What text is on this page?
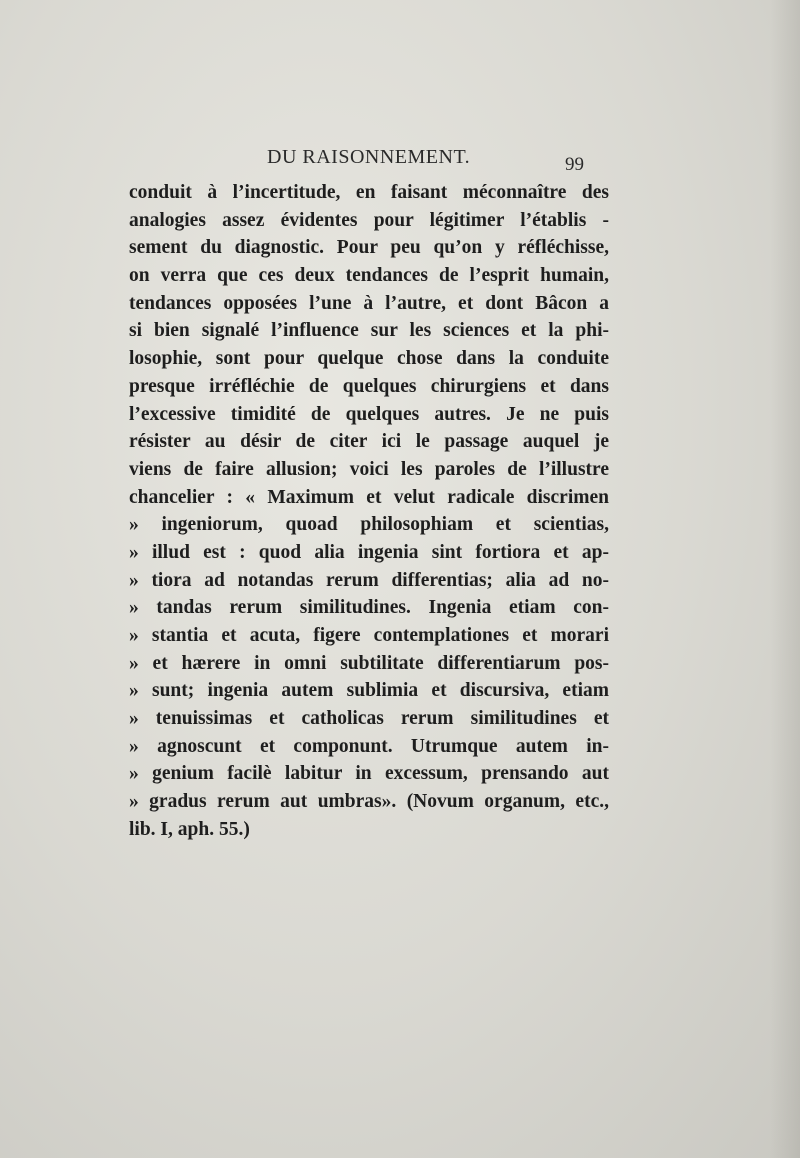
DU RAISONNEMENT.	99
conduit à l’incertitude, en faisant méconnaître des
analogies assez évidentes pour légitimer l’établis -
sement du diagnostic. Pour peu qu’on y réfléchisse,
on verra que ces deux tendances de l’esprit humain,
tendances opposées l’une à l’autre, et dont Bâcon a
si bien signalé l’influence sur les sciences et la phi-
losophie, sont pour quelque chose dans la conduite
presque irréfléchie de quelques chirurgiens et dans
l’excessive timidité de quelques autres. Je ne puis
résister au désir de citer ici le passage auquel je
viens de faire allusion; voici les paroles de l’illustre
chancelier : « Maximum et velut radicale discrimen
» ingeniorum, quoad philosophiam et scientias,
» illud est : quod alia ingenia sint fortiora et ap-
» tiora ad notandas rerum differentias; alia ad no-
» tandas rerum similitudines. Ingenia etiam con-
» stantia et acuta, figere contemplationes et morari
» et hærere in omni subtilitate differentiarum pos-
» sunt; ingenia autem sublimia et discursiva, etiam
» tenuissimas et catholicas rerum similitudines et
» agnoscunt et componunt. Utrumque autem in-
» genium facilè labitur in excessum, prensando aut
» gradus rerum aut umbras». (Novum organum, etc.,
lib. I, aph. 55.)
